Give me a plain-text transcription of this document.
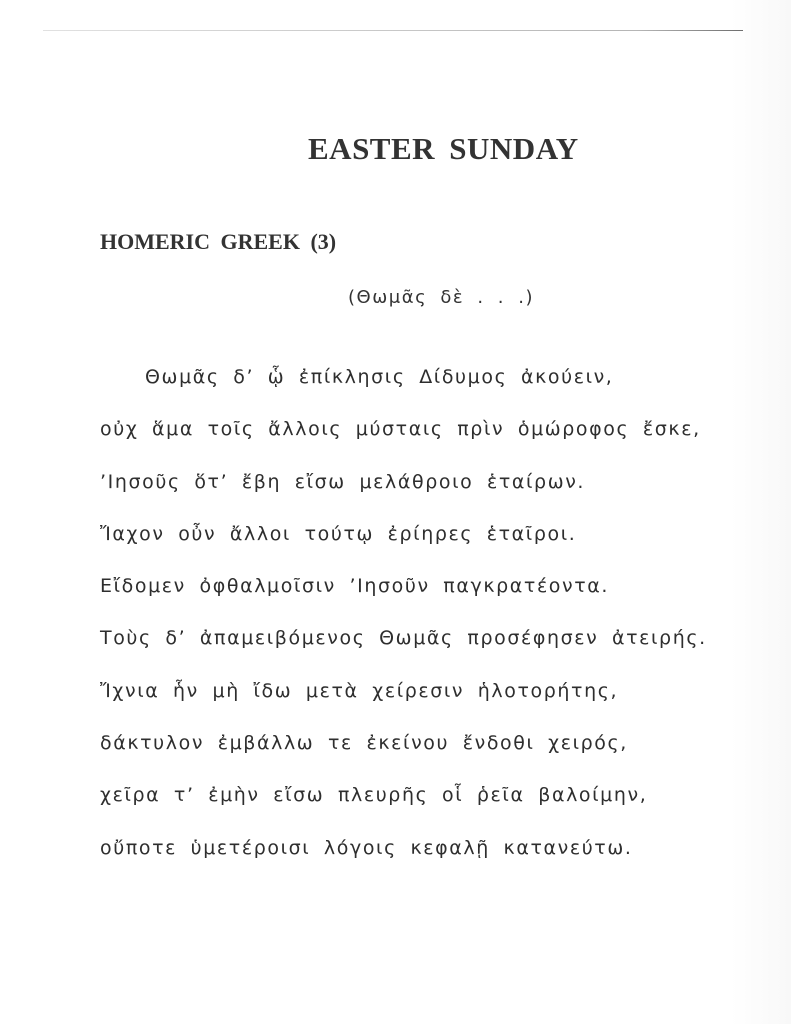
EASTER SUNDAY
HOMERIC GREEK (3)
(Θωμᾶς δὲ . . .)
Θωμᾶς δ’ ᾧ ἐπίκλησις Δίδυμος ἀκούειν,
οὐχ ἅμα τοῖς ἄλλοις μύσταις πρὶν ὁμώροφος ἔσκε,
’Ιησοῦς ὅτ’ ἔβη εἴσω μελάθροιο ἑταίρων.
Ἴαχον οὖν ἄλλοι τούτῳ ἐρίηρες ἑταῖροι.
Εἴδομεν ὀφθαλμοῖσιν ’Ιησοῦν παγκρατέοντα.
Τοὺς δ’ ἀπαμειβόμενος Θωμᾶς προσέφησεν ἀτειρής.
Ἴχνια ἧν μὴ ἴδω μετὰ χείρεσιν ἡλοτορήτης,
δάκτυλον ἐμβάλλω τε ἐκείνου ἔνδοθι χειρός,
χεῖρα τ’ ἐμὴν εἴσω πλευρῆς οἷ ῥεῖα βαλοίμην,
οὔποτε ὑμετέροισι λόγοις κεφαλῇ κατανεύτω.
